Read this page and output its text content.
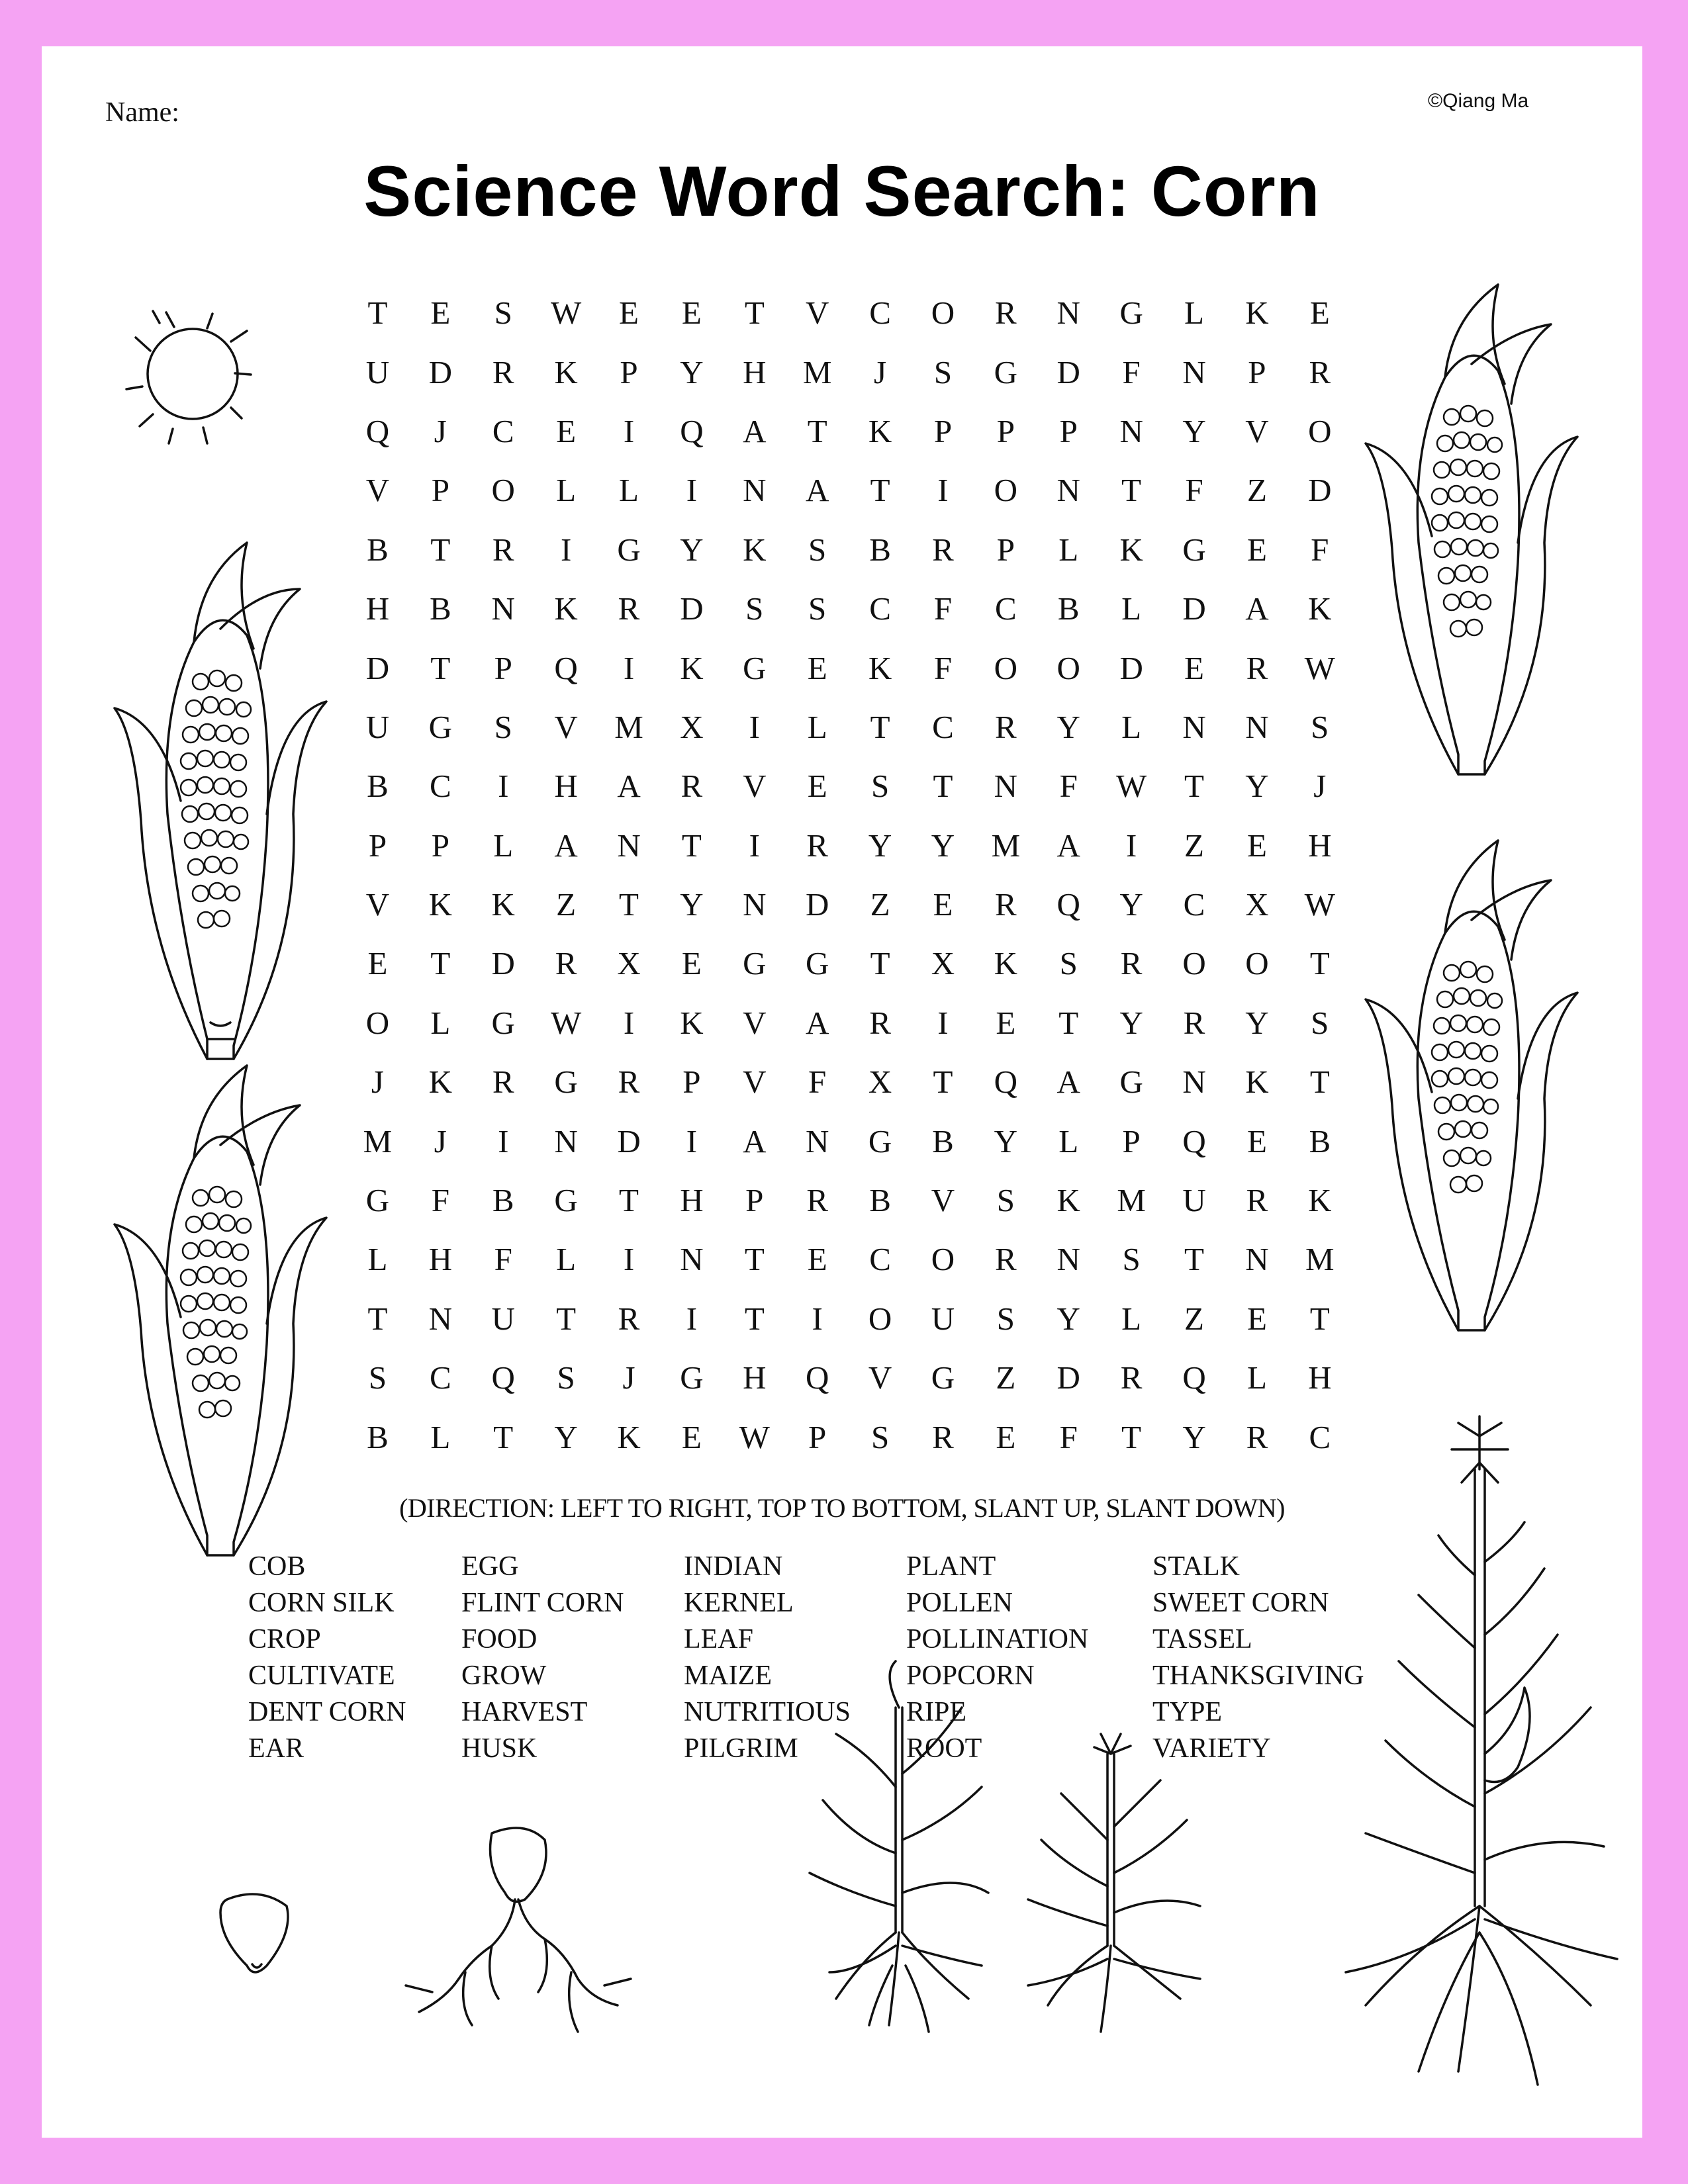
Name:	©Qiang Ma
Science Word Search: Corn
T	E	S	W	E	E	T	V	C	O	R	N	G	L	K	E
U	D	R	K	P	Y	H	M	J	S	G	D	F	N	P	R
Q	J	C	E	I	Q	A	T	K	P	P	P	N	Y	V	O
V	P	O	L	L	I	N	A	T	I	O	N	T	F	Z	D
B	T	R	I	G	Y	K	S	B	R	P	L	K	G	E	F
H	B	N	K	R	D	S	S	C	F	C	B	L	D	A	K
D	T	P	Q	I	K	G	E	K	F	O	O	D	E	R	W
U	G	S	V	M	X	I	L	T	C	R	Y	L	N	N	S
B	C	I	H	A	R	V	E	S	T	N	F	W	T	Y	J
P	P	L	A	N	T	I	R	Y	Y	M	A	I	Z	E	H
V	K	K	Z	T	Y	N	D	Z	E	R	Q	Y	C	X	W
E	T	D	R	X	E	G	G	T	X	K	S	R	O	O	T
O	L	G	W	I	K	V	A	R	I	E	T	Y	R	Y	S
J	K	R	G	R	P	V	F	X	T	Q	A	G	N	K	T
M	J	I	N	D	I	A	N	G	B	Y	L	P	Q	E	B
G	F	B	G	T	H	P	R	B	V	S	K	M	U	R	K
L	H	F	L	I	N	T	E	C	O	R	N	S	T	N	M
T	N	U	T	R	I	T	I	O	U	S	Y	L	Z	E	T
S	C	Q	S	J	G	H	Q	V	G	Z	D	R	Q	L	H
B	L	T	Y	K	E	W	P	S	R	E	F	T	Y	R	C
(DIRECTION: LEFT TO RIGHT, TOP TO BOTTOM, SLANT UP, SLANT DOWN)
COB
CORN SILK
CROP
CULTIVATE
DENT CORN
EAR
EGG
FLINT CORN
FOOD
GROW
HARVEST
HUSK
INDIAN
KERNEL
LEAF
MAIZE
NUTRITIOUS
PILGRIM
PLANT
POLLEN
POLLINATION
POPCORN
RIPE
ROOT
STALK
SWEET CORN
TASSEL
THANKSGIVING
TYPE
VARIETY
